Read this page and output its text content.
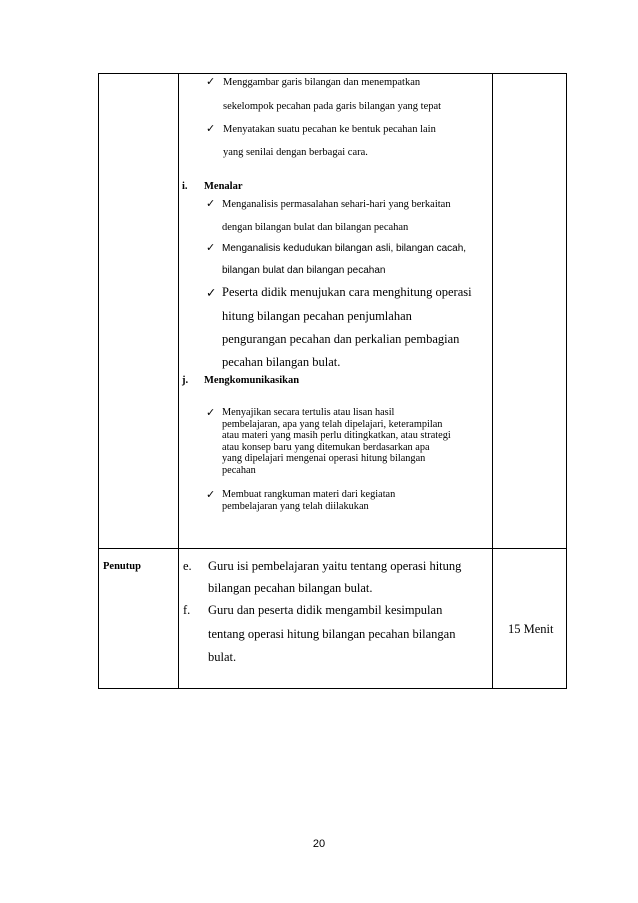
✓ Menggambar garis bilangan dan menempatkan
sekelompok pecahan pada garis bilangan yang tepat
✓ Menyatakan suatu pecahan ke bentuk pecahan lain
yang senilai dengan berbagai cara.
i. Menalar
✓ Menganalisis permasalahan sehari-hari yang berkaitan
dengan bilangan bulat dan bilangan pecahan
✓ Menganalisis kedudukan bilangan asli, bilangan cacah,
bilangan bulat dan bilangan pecahan
✓ Peserta didik menujukan cara menghitung operasi
hitung bilangan pecahan penjumlahan
pengurangan pecahan dan perkalian pembagian
pecahan bilangan bulat.
j. Mengkomunikasikan
✓ Menyajikan secara tertulis atau lisan hasil
pembelajaran, apa yang telah dipelajari, keterampilan
atau materi yang masih perlu ditingkatkan, atau strategi
atau konsep baru yang ditemukan berdasarkan apa
yang dipelajari mengenai operasi hitung bilangan
pecahan
✓ Membuat rangkuman materi dari kegiatan
pembelajaran yang telah diilakukan
Penutup	e. Guru isi pembelajaran yaitu tentang operasi hitung
bilangan pecahan bilangan bulat.
f. Guru dan peserta didik mengambil kesimpulan
tentang operasi hitung bilangan pecahan bilangan
bulat.
15 Menit
20
